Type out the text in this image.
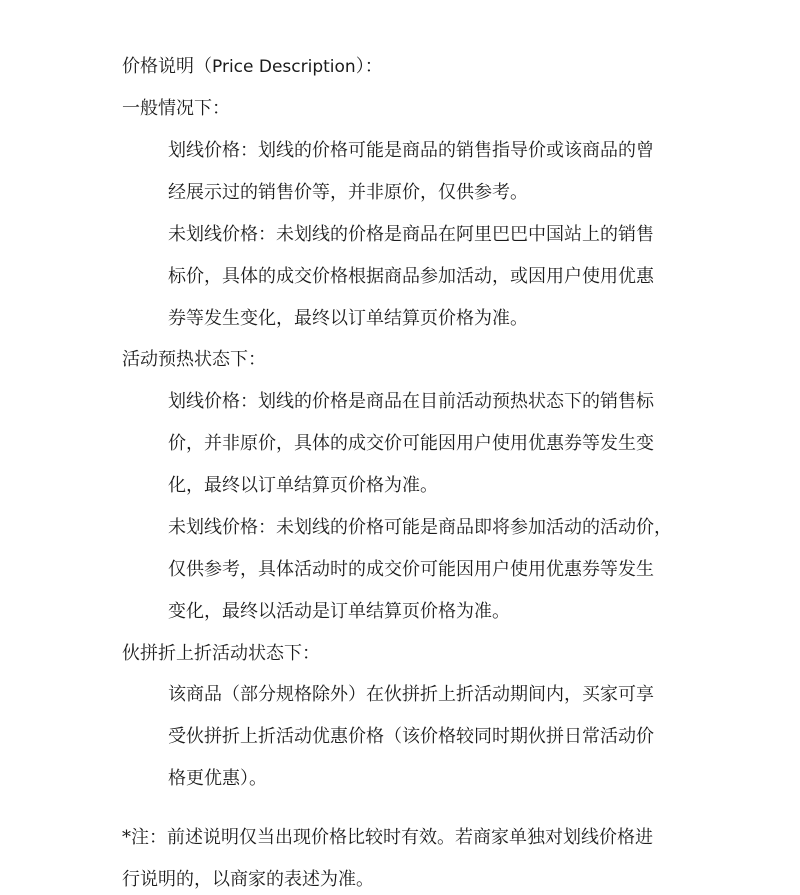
价格说明（Price Description）：
一般情况下：
划线价格：划线的价格可能是商品的销售指导价或该商品的曾
经展示过的销售价等，并非原价，仅供参考。
未划线价格：未划线的价格是商品在阿里巴巴中国站上的销售
标价，具体的成交价格根据商品参加活动，或因用户使用优惠
券等发生变化，最终以订单结算页价格为准。
活动预热状态下：
划线价格：划线的价格是商品在目前活动预热状态下的销售标
价，并非原价，具体的成交价可能因用户使用优惠券等发生变
化，最终以订单结算页价格为准。
未划线价格：未划线的价格可能是商品即将参加活动的活动价，
仅供参考，具体活动时的成交价可能因用户使用优惠券等发生
变化，最终以活动是订单结算页价格为准。
伙拼折上折活动状态下：
该商品（部分规格除外）在伙拼折上折活动期间内，买家可享
受伙拼折上折活动优惠价格（该价格较同时期伙拼日常活动价
格更优惠）。
*注：前述说明仅当出现价格比较时有效。若商家单独对划线价格进
行说明的，以商家的表述为准。
